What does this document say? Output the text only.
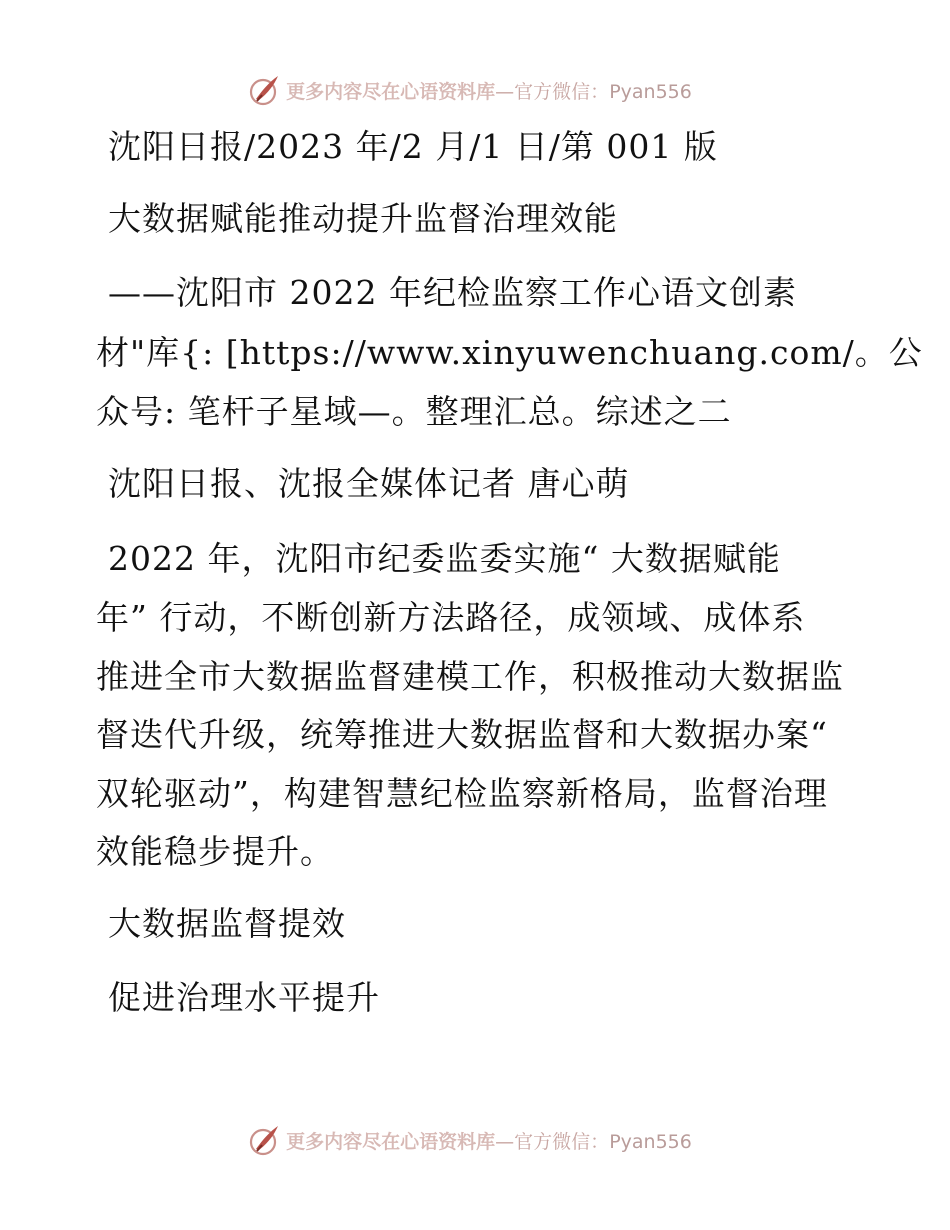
更多内容尽在心语资料库—官方微信：Pyan556
沈阳日报/2023 年/2 月/1 日/第 001 版
大数据赋能推动提升监督治理效能
——沈阳市 2022 年纪检监察工作心语文创素
材"库{: [https://www.xinyuwenchuang.com/。公
众号: 笔杆子星域—。整理汇总。综述之二
沈阳日报、沈报全媒体记者 唐心萌
2022 年，沈阳市纪委监委实施“ 大数据赋能
年” 行动，不断创新方法路径，成领域、成体系
推进全市大数据监督建模工作，积极推动大数据监
督迭代升级，统筹推进大数据监督和大数据办案“
双轮驱动”，构建智慧纪检监察新格局，监督治理
效能稳步提升。
大数据监督提效
促进治理水平提升
更多内容尽在心语资料库—官方微信：Pyan556
